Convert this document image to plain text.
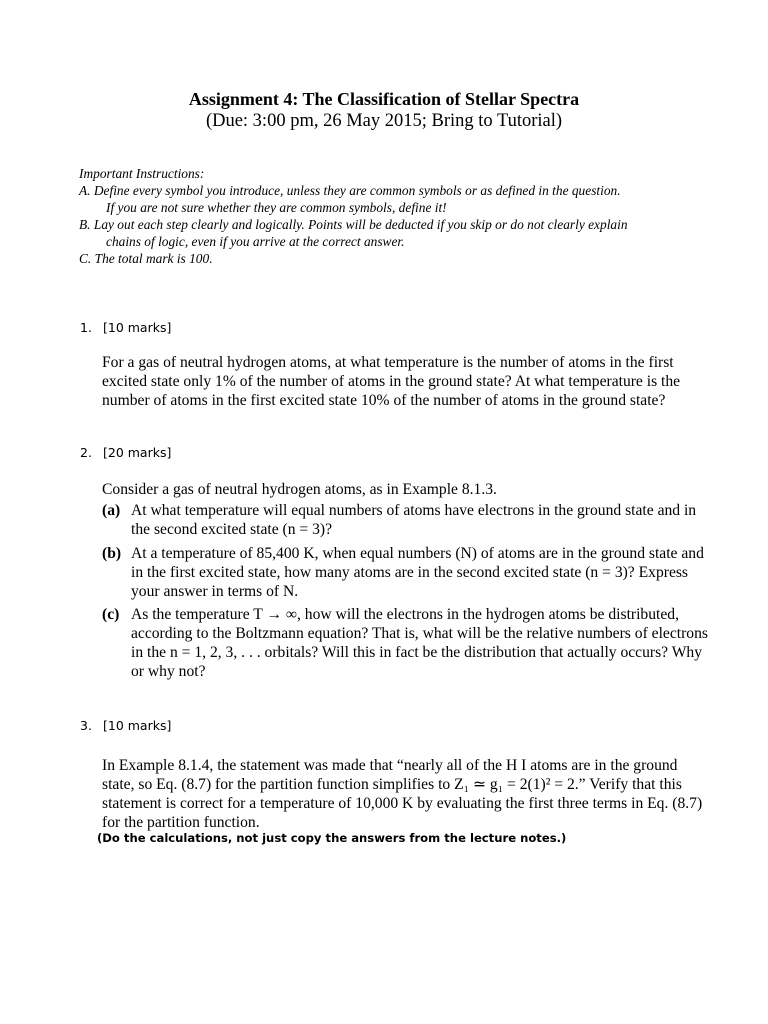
Assignment 4: The Classification of Stellar Spectra
(Due: 3:00 pm, 26 May 2015; Bring to Tutorial)
Important Instructions:
A. Define every symbol you introduce, unless they are common symbols or as defined in the question.
If you are not sure whether they are common symbols, define it!
B. Lay out each step clearly and logically. Points will be deducted if you skip or do not clearly explain
chains of logic, even if you arrive at the correct answer.
C. The total mark is 100.
1. [10 marks]
For a gas of neutral hydrogen atoms, at what temperature is the number of atoms in the first
excited state only 1% of the number of atoms in the ground state? At what temperature is the
number of atoms in the first excited state 10% of the number of atoms in the ground state?
2. [20 marks]
Consider a gas of neutral hydrogen atoms, as in Example 8.1.3.
(a) At what temperature will equal numbers of atoms have electrons in the ground state and in
the second excited state (n = 3)?
(b) At a temperature of 85,400 K, when equal numbers (N) of atoms are in the ground state and
in the first excited state, how many atoms are in the second excited state (n = 3)? Express
your answer in terms of N.
(c) As the temperature T → ∞, how will the electrons in the hydrogen atoms be distributed,
according to the Boltzmann equation? That is, what will be the relative numbers of electrons
in the n = 1, 2, 3, . . . orbitals? Will this in fact be the distribution that actually occurs? Why
or why not?
3. [10 marks]
In Example 8.1.4, the statement was made that “nearly all of the H I atoms are in the ground
state, so Eq. (8.7) for the partition function simplifies to Z₁ ≃ g₁ = 2(1)² = 2.” Verify that this
statement is correct for a temperature of 10,000 K by evaluating the first three terms in Eq. (8.7)
for the partition function.
(Do the calculations, not just copy the answers from the lecture notes.)
